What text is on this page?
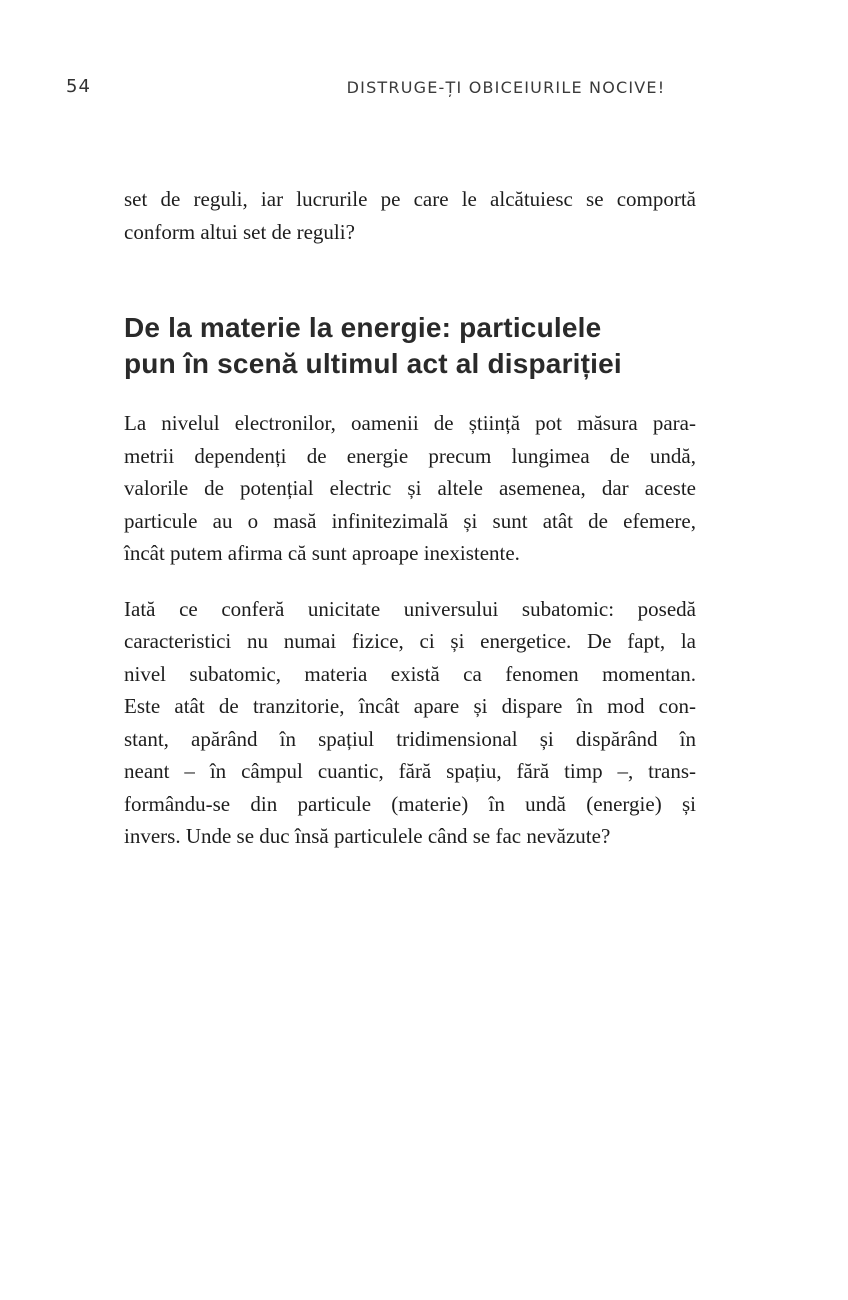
54	DISTRUGE-ȚI OBICEIURILE NOCIVE!
set de reguli, iar lucrurile pe care le alcătuiesc se comportă
conform altui set de reguli?
De la materie la energie: particulele
pun în scenă ultimul act al dispariției
La nivelul electronilor, oamenii de știință pot măsura para-
metrii dependenți de energie precum lungimea de undă,
valorile de potențial electric și altele asemenea, dar aceste
particule au o masă infinitezimală și sunt atât de efemere,
încât putem afirma că sunt aproape inexistente.
Iată ce conferă unicitate universului subatomic: posedă
caracteristici nu numai fizice, ci și energetice. De fapt, la
nivel subatomic, materia există ca fenomen momentan.
Este atât de tranzitorie, încât apare și dispare în mod con-
stant, apărând în spațiul tridimensional și dispărând în
neant – în câmpul cuantic, fără spațiu, fără timp –, trans-
formându-se din particule (materie) în undă (energie) și
invers. Unde se duc însă particulele când se fac nevăzute?
